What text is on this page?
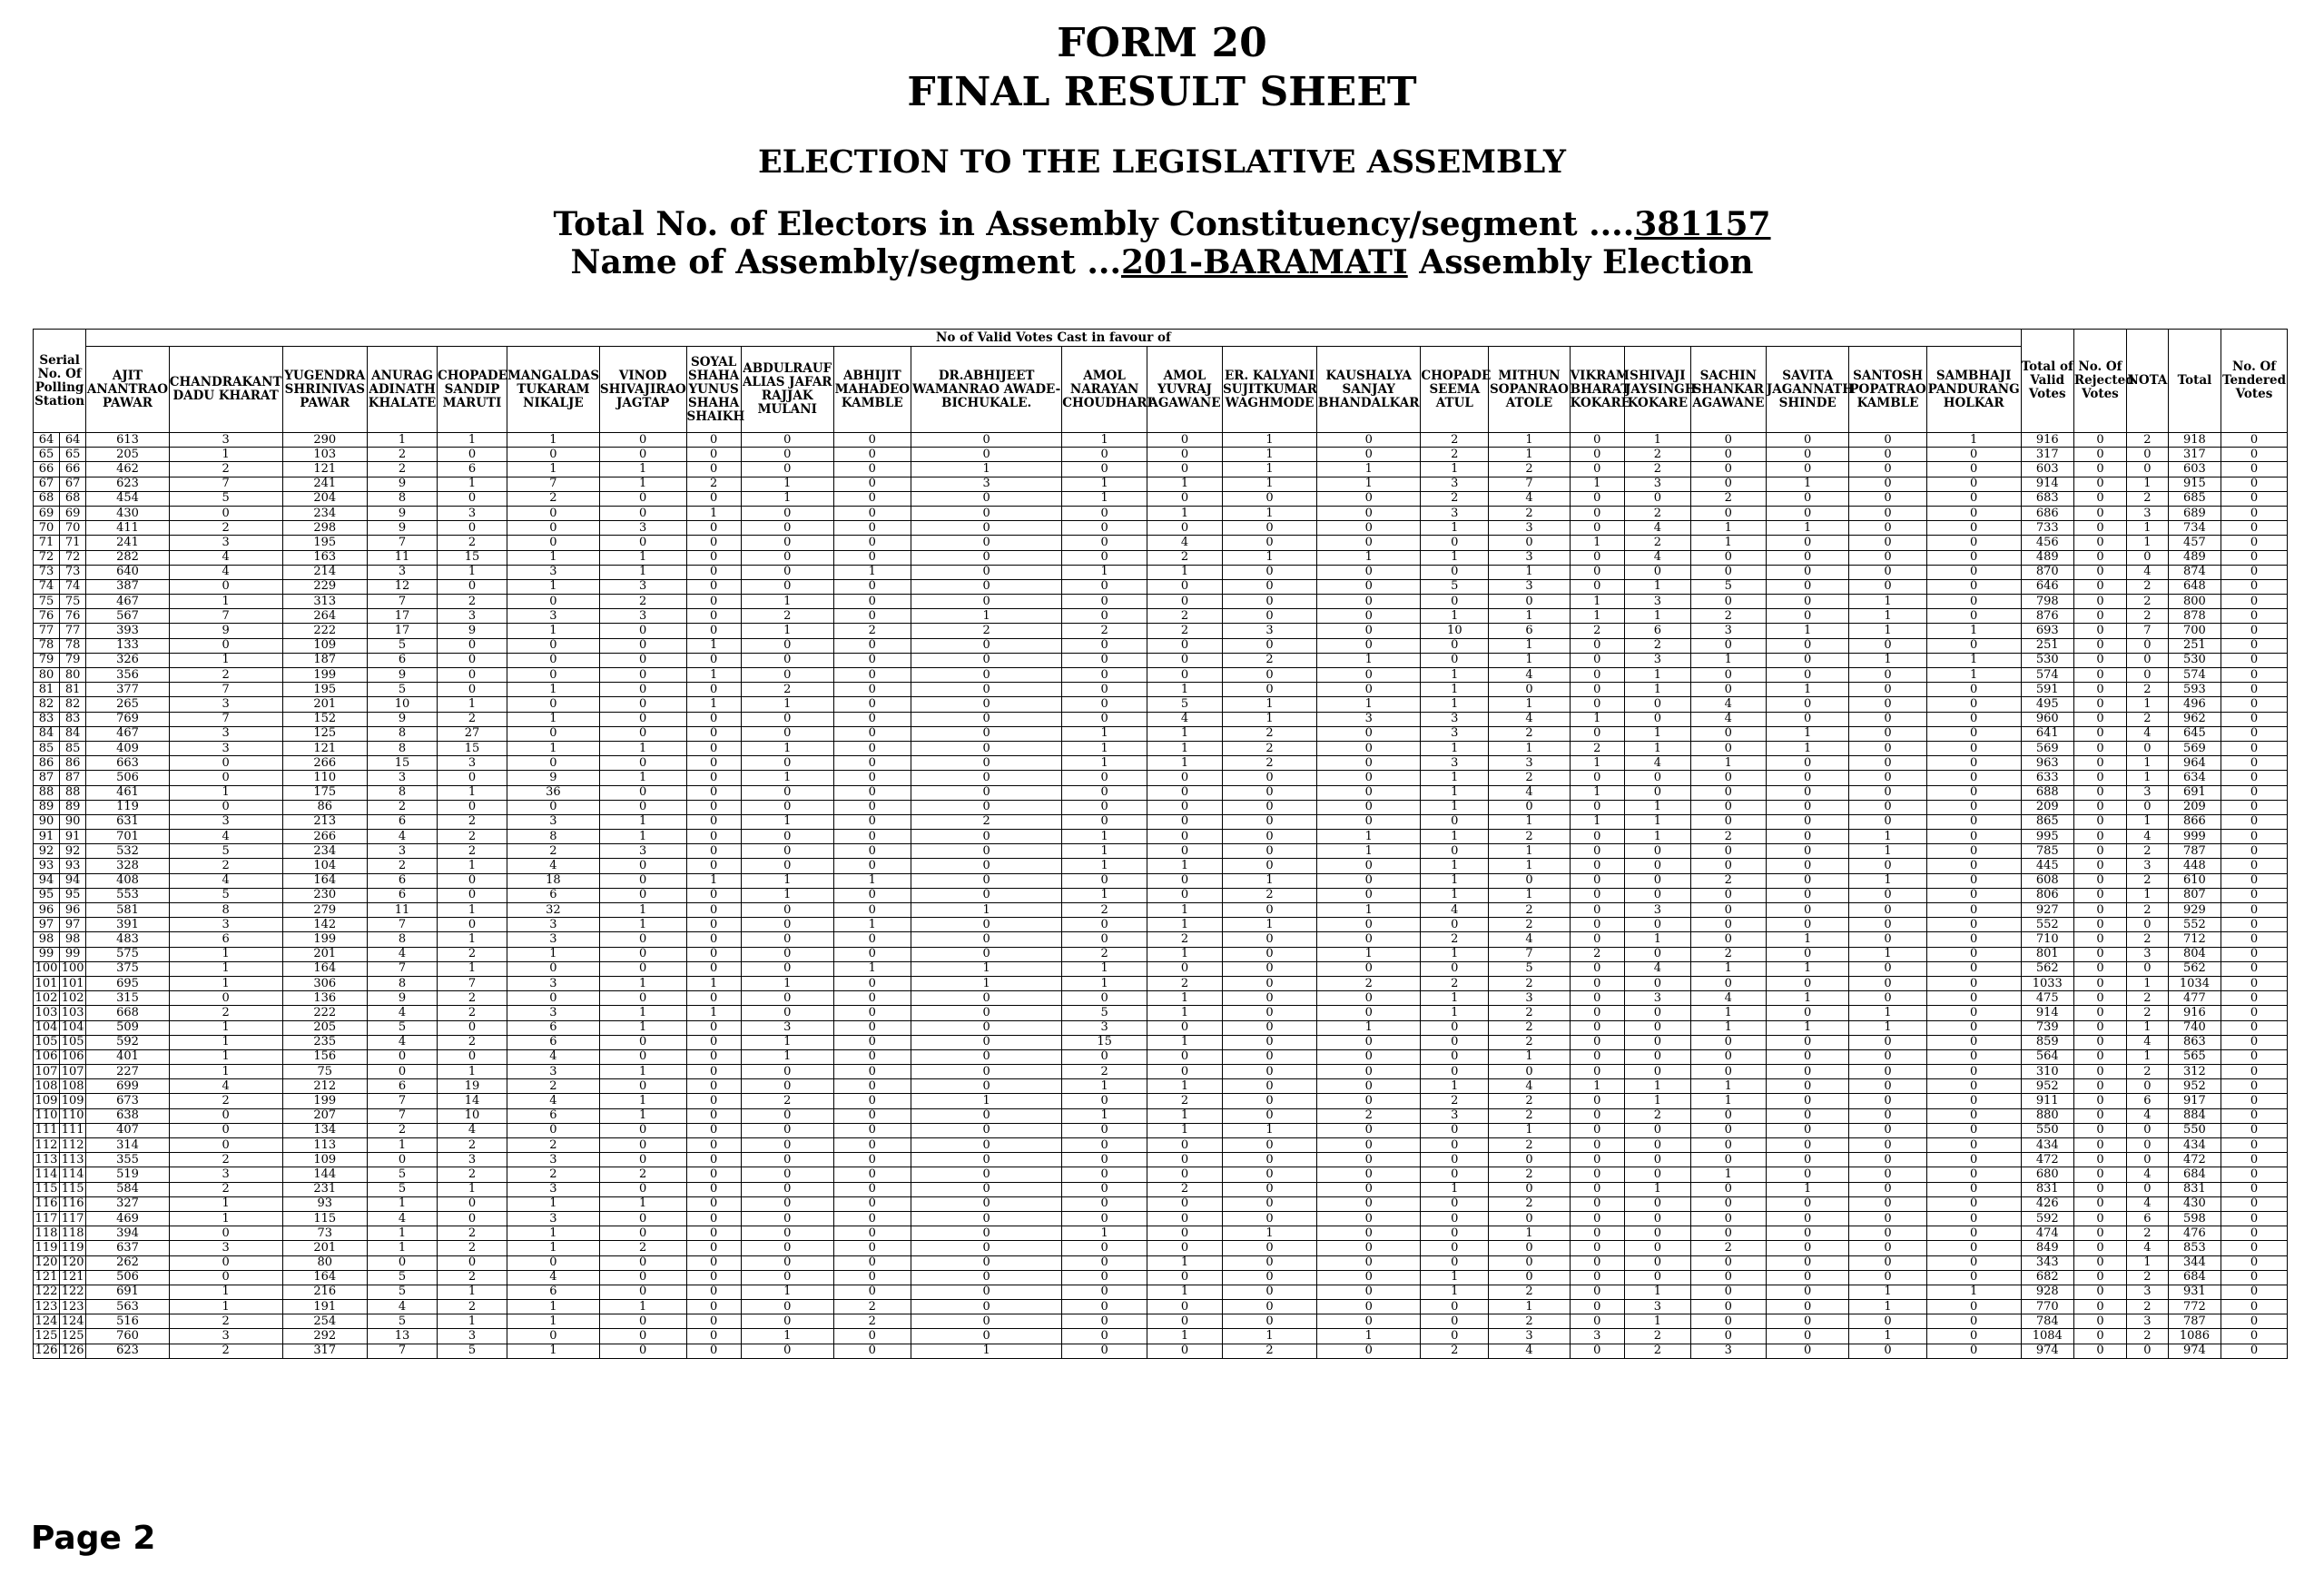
FORM 20
FINAL RESULT SHEET
ELECTION TO THE LEGISLATIVE ASSEMBLY
Total No. of Electors in Assembly Constituency/segment ....381157
Name of Assembly/segment ...201-BARAMATI Assembly Election
Serial No. Of Polling Station		No of Valid Votes Cast in favour of																							Total of Valid Votes	No. Of Rejected Votes	NOTA	Total	No. Of Tendered Votes
		AJIT ANANTRAO PAWAR	CHANDRAKANT DADU KHARAT	YUGENDRA SHRINIVAS PAWAR	ANURAG ADINATH KHALATE	CHOPADE SANDIP MARUTI	MANGALDAS TUKARAM NIKALJE	VINOD SHIVAJIRAO JAGTAP	SOYAL SHAHA YUNUS SHAHA SHAIKH	ABDULRAUF ALIAS JAFAR RAJJAK MULANI	ABHIJIT MAHADEO KAMBLE	DR.ABHIJEET WAMANRAO AWADE-BICHUKALE.	AMOL NARAYAN CHOUDHARI	AMOL YUVRAJ AGAWANE	ER. KALYANI SUJITKUMAR WAGHMODE	KAUSHALYA SANJAY BHANDALKAR	CHOPADE SEEMA ATUL	MITHUN SOPANRAO ATOLE	VIKRAM BHARAT KOKARE	SHIVAJI JAYSINGH KOKARE	SACHIN SHANKAR AGAWANE	SAVITA JAGANNATH SHINDE	SANTOSH POPATRAO KAMBLE	SAMBHAJI PANDURANG HOLKAR					
64	64	613	3	290	1	1	1	0	0	0	0	0	1	0	1	0	2	1	0	1	0	0	0	1	916	0	2	918	0
65	65	205	1	103	2	0	0	0	0	0	0	0	0	0	1	0	2	1	0	2	0	0	0	0	317	0	0	317	0
66	66	462	2	121	2	6	1	1	0	0	0	1	0	0	1	1	1	2	0	2	0	0	0	0	603	0	0	603	0
67	67	623	7	241	9	1	7	1	2	1	0	3	1	1	1	1	3	7	1	3	0	1	0	0	914	0	1	915	0
68	68	454	5	204	8	0	2	0	0	1	0	0	1	0	0	0	2	4	0	0	2	0	0	0	683	0	2	685	0
69	69	430	0	234	9	3	0	0	1	0	0	0	0	1	1	0	3	2	0	2	0	0	0	0	686	0	3	689	0
70	70	411	2	298	9	0	0	3	0	0	0	0	0	0	0	0	1	3	0	4	1	1	0	0	733	0	1	734	0
71	71	241	3	195	7	2	0	0	0	0	0	0	0	4	0	0	0	0	1	2	1	0	0	0	456	0	1	457	0
72	72	282	4	163	11	15	1	1	0	0	0	0	0	2	1	1	1	3	0	4	0	0	0	0	489	0	0	489	0
73	73	640	4	214	3	1	3	1	0	0	1	0	1	1	0	0	0	1	0	0	0	0	0	0	870	0	4	874	0
74	74	387	0	229	12	0	1	3	0	0	0	0	0	0	0	0	5	3	0	1	5	0	0	0	646	0	2	648	0
75	75	467	1	313	7	2	0	2	0	1	0	0	0	0	0	0	0	0	1	3	0	0	1	0	798	0	2	800	0
76	76	567	7	264	17	3	3	3	0	2	0	1	0	2	0	0	1	1	1	1	2	0	1	0	876	0	2	878	0
77	77	393	9	222	17	9	1	0	0	1	2	2	2	2	3	0	10	6	2	6	3	1	1	1	693	0	7	700	0
78	78	133	0	109	5	0	0	0	1	0	0	0	0	0	0	0	0	1	0	2	0	0	0	0	251	0	0	251	0
79	79	326	1	187	6	0	0	0	0	0	0	0	0	0	2	1	0	1	0	3	1	0	1	1	530	0	0	530	0
80	80	356	2	199	9	0	0	0	1	0	0	0	0	0	0	0	1	4	0	1	0	0	0	1	574	0	0	574	0
81	81	377	7	195	5	0	1	0	0	2	0	0	0	1	0	0	1	0	0	1	0	1	0	0	591	0	2	593	0
82	82	265	3	201	10	1	0	0	1	1	0	0	0	5	1	1	1	1	0	0	4	0	0	0	495	0	1	496	0
83	83	769	7	152	9	2	1	0	0	0	0	0	0	4	1	3	3	4	1	0	4	0	0	0	960	0	2	962	0
84	84	467	3	125	8	27	0	0	0	0	0	0	1	1	2	0	3	2	0	1	0	1	0	0	641	0	4	645	0
85	85	409	3	121	8	15	1	1	0	1	0	0	1	1	2	0	1	1	2	1	0	1	0	0	569	0	0	569	0
86	86	663	0	266	15	3	0	0	0	0	0	0	1	1	2	0	3	3	1	4	1	0	0	0	963	0	1	964	0
87	87	506	0	110	3	0	9	1	0	1	0	0	0	0	0	0	1	2	0	0	0	0	0	0	633	0	1	634	0
88	88	461	1	175	8	1	36	0	0	0	0	0	0	0	0	0	1	4	1	0	0	0	0	0	688	0	3	691	0
89	89	119	0	86	2	0	0	0	0	0	0	0	0	0	0	0	1	0	0	1	0	0	0	0	209	0	0	209	0
90	90	631	3	213	6	2	3	1	0	1	0	2	0	0	0	0	0	1	1	1	0	0	0	0	865	0	1	866	0
91	91	701	4	266	4	2	8	1	0	0	0	0	1	0	0	1	1	2	0	1	2	0	1	0	995	0	4	999	0
92	92	532	5	234	3	2	2	3	0	0	0	0	1	0	0	1	0	1	0	0	0	0	1	0	785	0	2	787	0
93	93	328	2	104	2	1	4	0	0	0	0	0	1	1	0	0	1	1	0	0	0	0	0	0	445	0	3	448	0
94	94	408	4	164	6	0	18	0	1	1	1	0	0	0	1	0	1	0	0	0	2	0	1	0	608	0	2	610	0
95	95	553	5	230	6	0	6	0	0	1	0	0	1	0	2	0	1	1	0	0	0	0	0	0	806	0	1	807	0
96	96	581	8	279	11	1	32	1	0	0	0	1	2	1	0	1	4	2	0	3	0	0	0	0	927	0	2	929	0
97	97	391	3	142	7	0	3	1	0	0	1	0	0	1	1	0	0	2	0	0	0	0	0	0	552	0	0	552	0
98	98	483	6	199	8	1	3	0	0	0	0	0	0	2	0	0	2	4	0	1	0	1	0	0	710	0	2	712	0
99	99	575	1	201	4	2	1	0	0	0	0	0	2	1	0	1	1	7	2	0	2	0	1	0	801	0	3	804	0
100	100	375	1	164	7	1	0	0	0	0	1	1	1	0	0	0	0	5	0	4	1	1	0	0	562	0	0	562	0
101	101	695	1	306	8	7	3	1	1	1	0	1	1	2	0	2	2	2	0	0	0	0	0	0	1033	0	1	1034	0
102	102	315	0	136	9	2	0	0	0	0	0	0	0	1	0	0	1	3	0	3	4	1	0	0	475	0	2	477	0
103	103	668	2	222	4	2	3	1	1	0	0	0	5	1	0	0	1	2	0	0	1	0	1	0	914	0	2	916	0
104	104	509	1	205	5	0	6	1	0	3	0	0	3	0	0	1	0	2	0	0	1	1	1	0	739	0	1	740	0
105	105	592	1	235	4	2	6	0	0	1	0	0	15	1	0	0	0	2	0	0	0	0	0	0	859	0	4	863	0
106	106	401	1	156	0	0	4	0	0	1	0	0	0	0	0	0	0	1	0	0	0	0	0	0	564	0	1	565	0
107	107	227	1	75	0	1	3	1	0	0	0	0	2	0	0	0	0	0	0	0	0	0	0	0	310	0	2	312	0
108	108	699	4	212	6	19	2	0	0	0	0	0	1	1	0	0	1	4	1	1	1	0	0	0	952	0	0	952	0
109	109	673	2	199	7	14	4	1	0	2	0	1	0	2	0	0	2	2	0	1	1	0	0	0	911	0	6	917	0
110	110	638	0	207	7	10	6	1	0	0	0	0	1	1	0	2	3	2	0	2	0	0	0	0	880	0	4	884	0
111	111	407	0	134	2	4	0	0	0	0	0	0	0	1	1	0	0	1	0	0	0	0	0	0	550	0	0	550	0
112	112	314	0	113	1	2	2	0	0	0	0	0	0	0	0	0	0	2	0	0	0	0	0	0	434	0	0	434	0
113	113	355	2	109	0	3	3	0	0	0	0	0	0	0	0	0	0	0	0	0	0	0	0	0	472	0	0	472	0
114	114	519	3	144	5	2	2	2	0	0	0	0	0	0	0	0	0	2	0	0	1	0	0	0	680	0	4	684	0
115	115	584	2	231	5	1	3	0	0	0	0	0	0	2	0	0	1	0	0	1	0	1	0	0	831	0	0	831	0
116	116	327	1	93	1	0	1	1	0	0	0	0	0	0	0	0	0	2	0	0	0	0	0	0	426	0	4	430	0
117	117	469	1	115	4	0	3	0	0	0	0	0	0	0	0	0	0	0	0	0	0	0	0	0	592	0	6	598	0
118	118	394	0	73	1	2	1	0	0	0	0	0	1	0	1	0	0	1	0	0	0	0	0	0	474	0	2	476	0
119	119	637	3	201	1	2	1	2	0	0	0	0	0	0	0	0	0	0	0	0	2	0	0	0	849	0	4	853	0
120	120	262	0	80	0	0	0	0	0	0	0	0	0	1	0	0	0	0	0	0	0	0	0	0	343	0	1	344	0
121	121	506	0	164	5	2	4	0	0	0	0	0	0	0	0	0	1	0	0	0	0	0	0	0	682	0	2	684	0
122	122	691	1	216	5	1	6	0	0	1	0	0	0	1	0	0	1	2	0	1	0	0	1	1	928	0	3	931	0
123	123	563	1	191	4	2	1	1	0	0	2	0	0	0	0	0	0	1	0	3	0	0	1	0	770	0	2	772	0
124	124	516	2	254	5	1	1	0	0	0	2	0	0	0	0	0	0	2	0	1	0	0	0	0	784	0	3	787	0
125	125	760	3	292	13	3	0	0	0	1	0	0	0	1	1	1	0	3	3	2	0	0	1	0	1084	0	2	1086	0
126	126	623	2	317	7	5	1	0	0	0	0	1	0	0	2	0	2	4	0	2	3	0	0	0	974	0	0	974	0
Page 2
